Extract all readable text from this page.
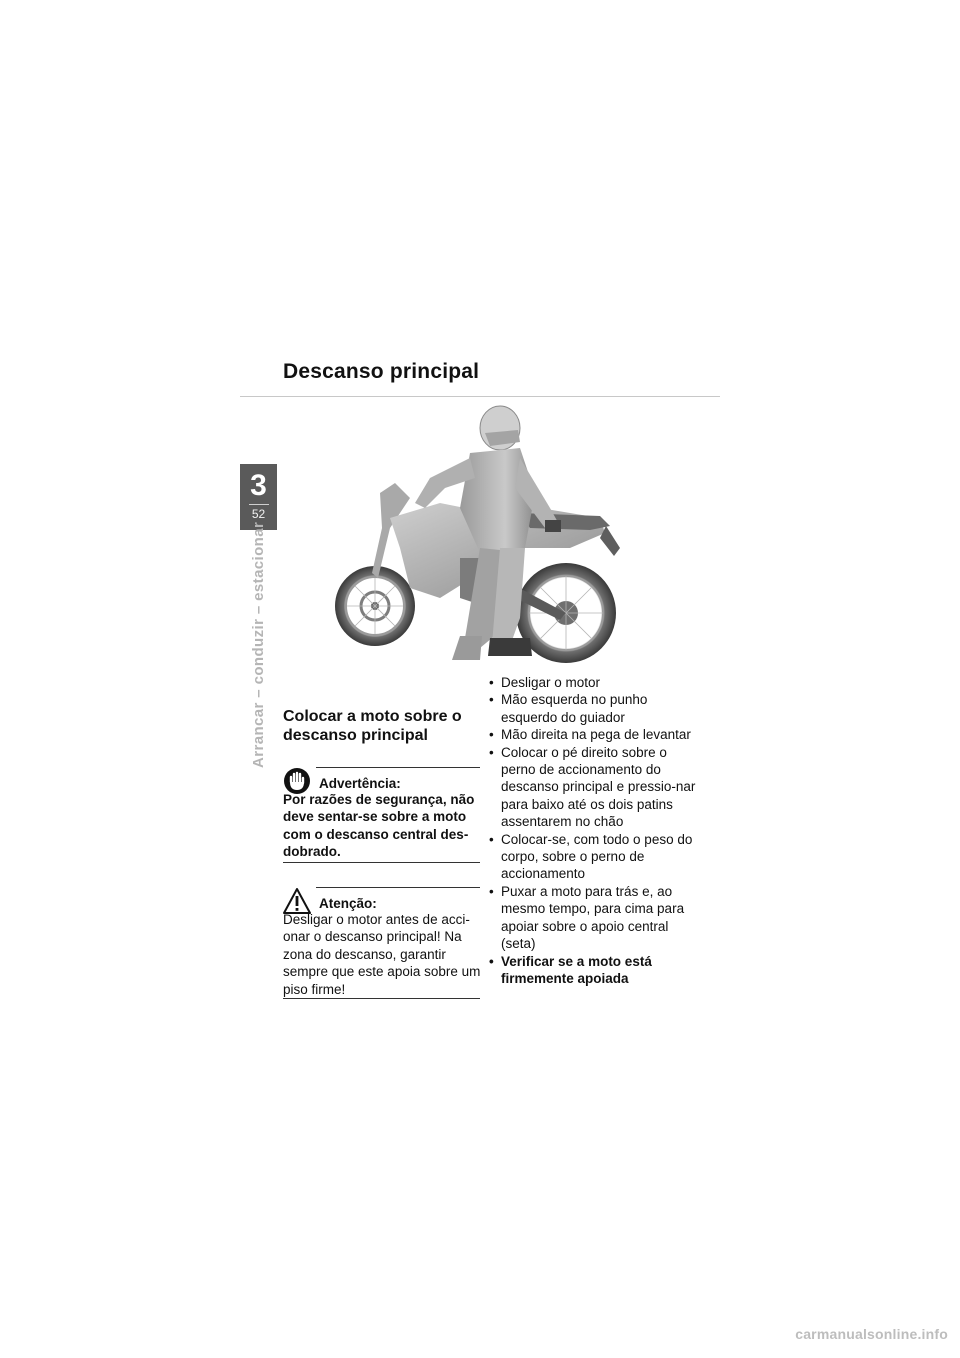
Descanso principal
3
52
Arrancar – conduzir – estacionar Colocar a moto sobre o descanso principal
Advertência:
Por razões de segurança, não deve sentar-se sobre a moto com o descanso central des-dobrado.
Atenção:
Desligar o motor antes de acci-onar o descanso principal! Na zona do descanso, garantir sempre que este apoia sobre um piso firme!
• Desligar o motor
• Mão esquerda no punho esquerdo do guiador
• Mão direita na pega de levantar
• Colocar o pé direito sobre o perno de accionamento do descanso principal e pressio-nar para baixo até os dois patins assentarem no chão
• Colocar-se, com todo o peso do corpo, sobre o perno de accionamento
• Puxar a moto para trás e, ao mesmo tempo, para cima para apoiar sobre o apoio central (seta)
• Verificar se a moto está firmemente apoiada
carmanualsonline.info
